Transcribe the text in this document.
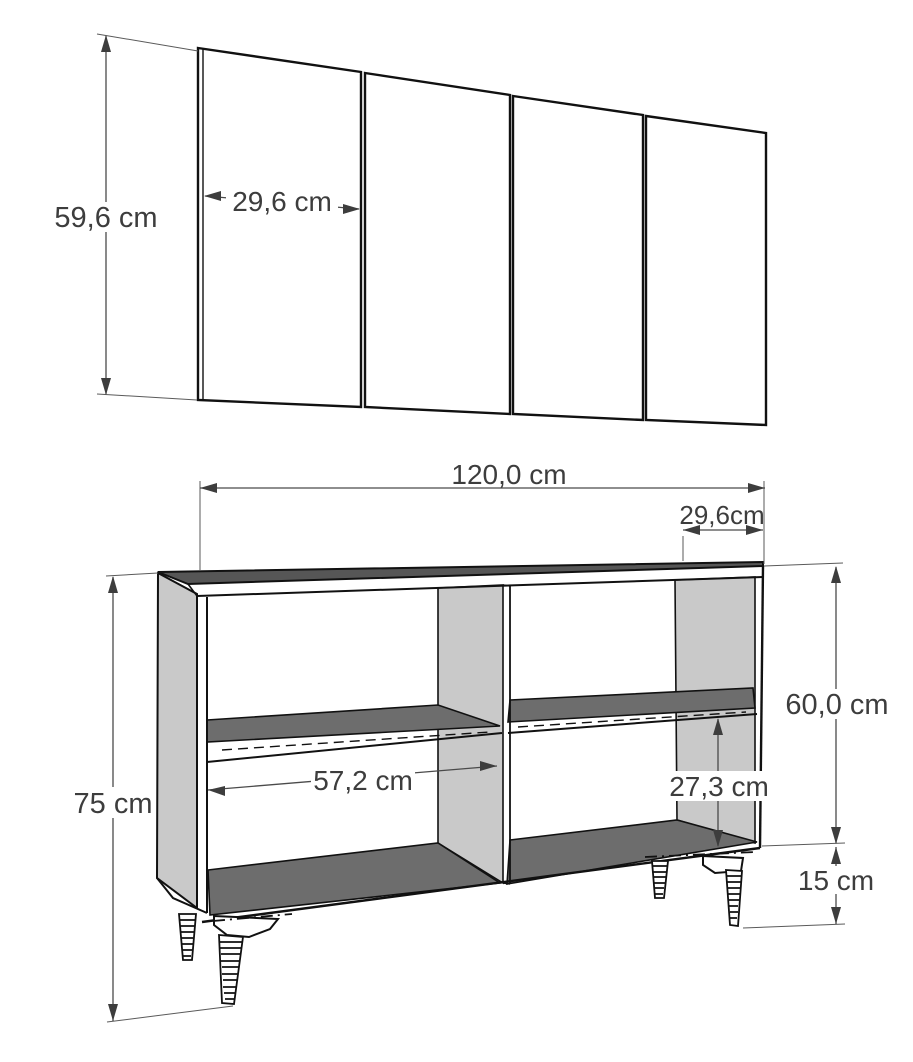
59,6 cm
29,6 cm
120,0 cm
29,6cm
75 cm
60,0 cm
15 cm
57,2 cm	27,3 cm
